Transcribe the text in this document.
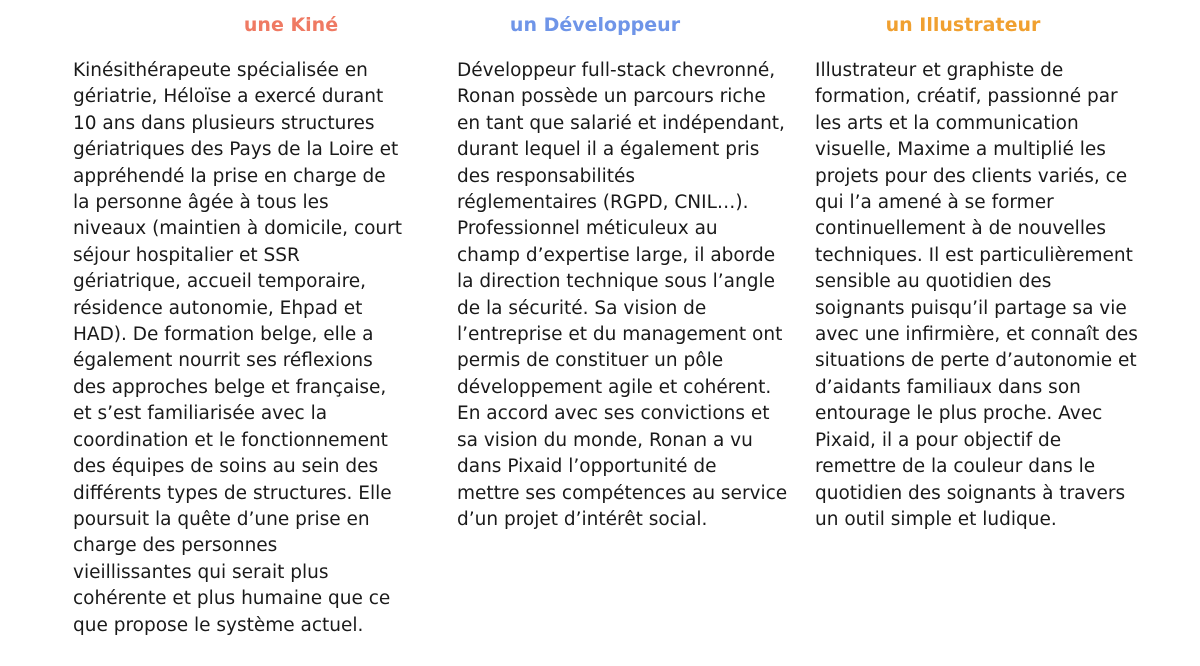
une Kiné

Kinésithérapeute spécialisée en
gériatrie, Héloïse a exercé durant
10 ans dans plusieurs structures
gériatriques des Pays de la Loire et
appréhendé la prise en charge de
la personne âgée à tous les
niveaux (maintien à domicile, court
séjour hospitalier et SSR
gériatrique, accueil temporaire,
résidence autonomie, Ehpad et
HAD). De formation belge, elle a
également nourrit ses réflexions
des approches belge et française,
et s’est familiarisée avec la
coordination et le fonctionnement
des équipes de soins au sein des
différents types de structures. Elle
poursuit la quête d’une prise en
charge des personnes
vieillissantes qui serait plus
cohérente et plus humaine que ce
que propose le système actuel.

un Développeur

Développeur full-stack chevronné,
Ronan possède un parcours riche
en tant que salarié et indépendant,
durant lequel il a également pris
des responsabilités
réglementaires (RGPD, CNIL…).
Professionnel méticuleux au
champ d’expertise large, il aborde
la direction technique sous l’angle
de la sécurité. Sa vision de
l’entreprise et du management ont
permis de constituer un pôle
développement agile et cohérent.
En accord avec ses convictions et
sa vision du monde, Ronan a vu
dans Pixaid l’opportunité de
mettre ses compétences au service
d’un projet d’intérêt social.

un Illustrateur

Illustrateur et graphiste de
formation, créatif, passionné par
les arts et la communication
visuelle, Maxime a multiplié les
projets pour des clients variés, ce
qui l’a amené à se former
continuellement à de nouvelles
techniques. Il est particulièrement
sensible au quotidien des
soignants puisqu’il partage sa vie
avec une infirmière, et connaît des
situations de perte d’autonomie et
d’aidants familiaux dans son
entourage le plus proche. Avec
Pixaid, il a pour objectif de
remettre de la couleur dans le
quotidien des soignants à travers
un outil simple et ludique.
